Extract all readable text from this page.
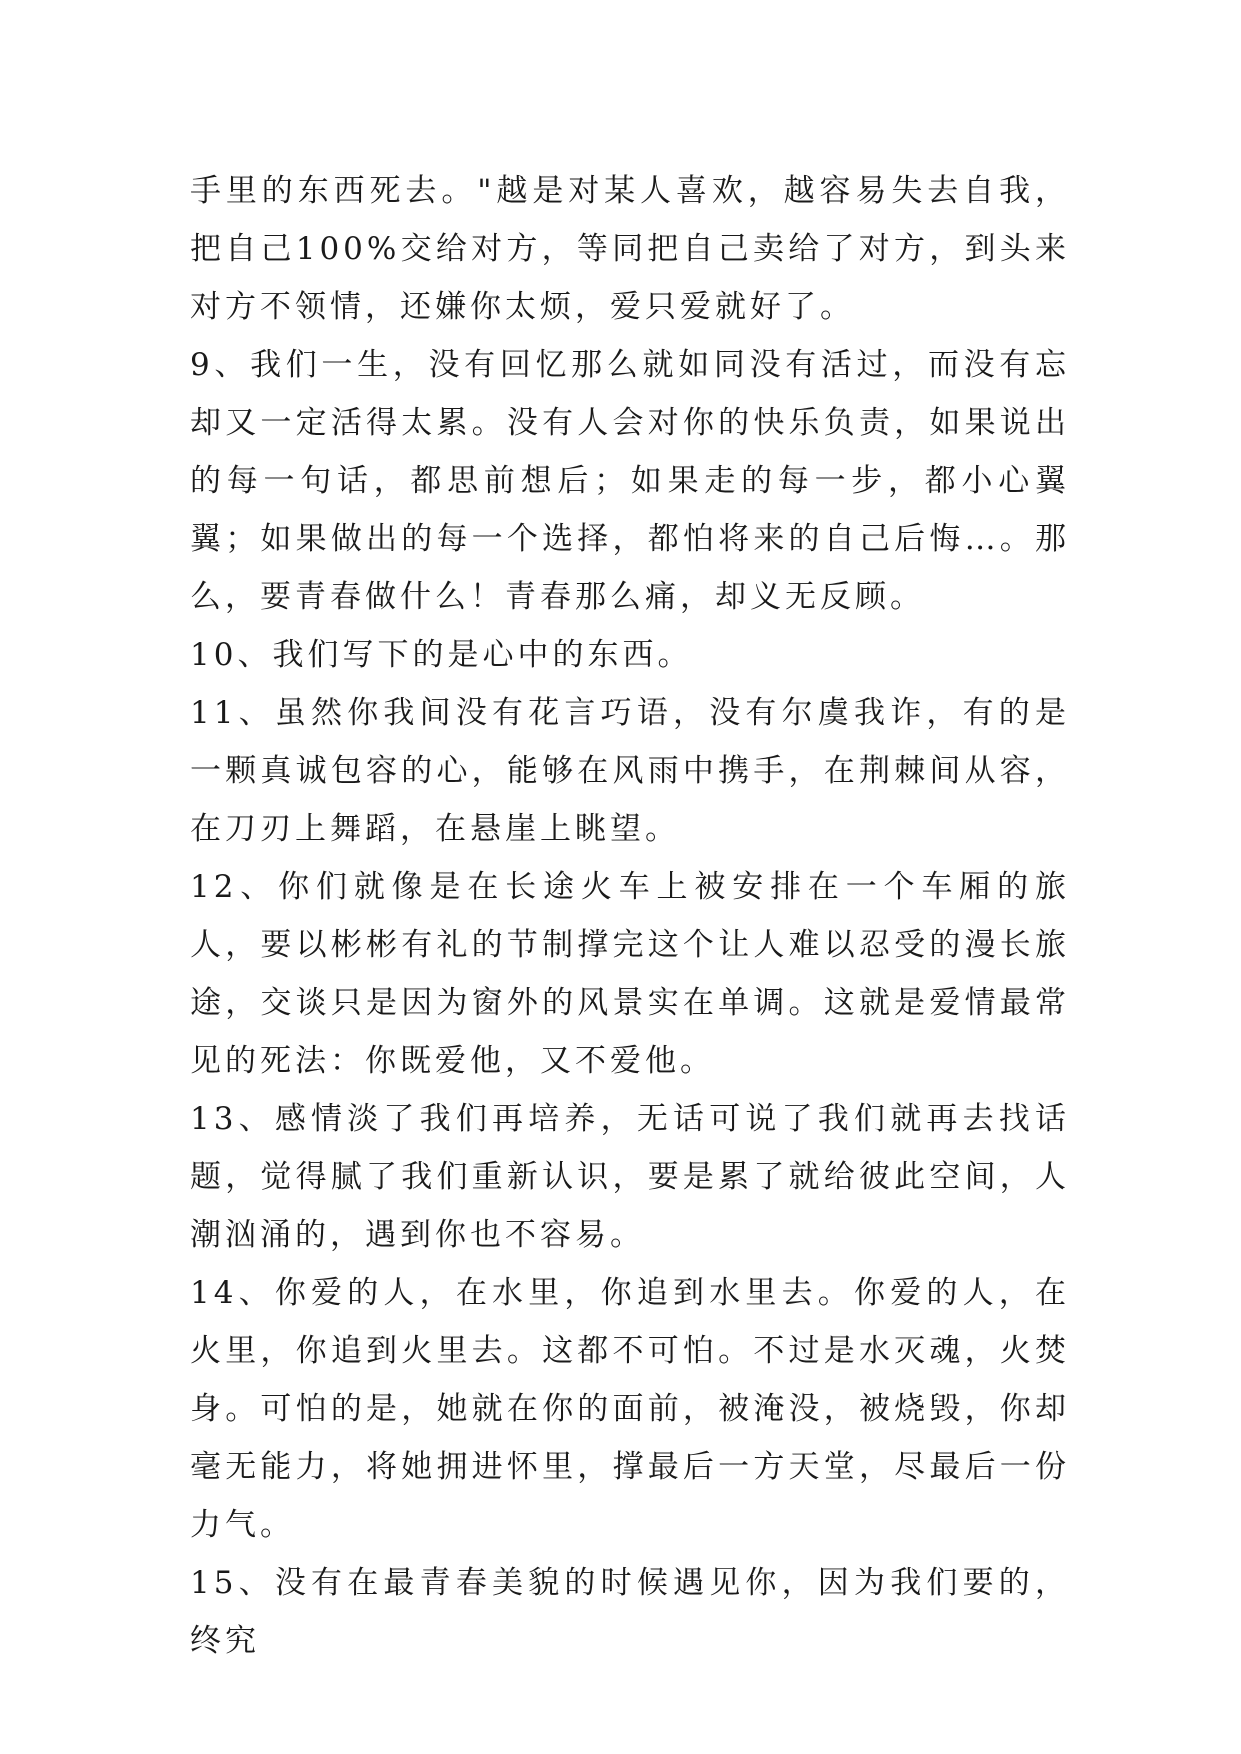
手里的东西死去。"越是对某人喜欢，越容易失去自我，把自己100%交给对方，等同把自己卖给了对方，到头来对方不领情，还嫌你太烦，爱只爱就好了。

9、我们一生，没有回忆那么就如同没有活过，而没有忘却又一定活得太累。没有人会对你的快乐负责，如果说出的每一句话，都思前想后；如果走的每一步，都小心翼翼；如果做出的每一个选择，都怕将来的自己后悔…。那么，要青春做什么！青春那么痛，却义无反顾。

10、我们写下的是心中的东西。

11、虽然你我间没有花言巧语，没有尔虞我诈，有的是一颗真诚包容的心，能够在风雨中携手，在荆棘间从容，在刀刃上舞蹈，在悬崖上眺望。

12、你们就像是在长途火车上被安排在一个车厢的旅人，要以彬彬有礼的节制撑完这个让人难以忍受的漫长旅途，交谈只是因为窗外的风景实在单调。这就是爱情最常见的死法：你既爱他，又不爱他。

13、感情淡了我们再培养，无话可说了我们就再去找话题，觉得腻了我们重新认识，要是累了就给彼此空间，人潮汹涌的，遇到你也不容易。

14、你爱的人，在水里，你追到水里去。你爱的人，在火里，你追到火里去。这都不可怕。不过是水灭魂，火焚身。可怕的是，她就在你的面前，被淹没，被烧毁，你却毫无能力，将她拥进怀里，撑最后一方天堂，尽最后一份力气。

15、没有在最青春美貌的时候遇见你，因为我们要的，终究
